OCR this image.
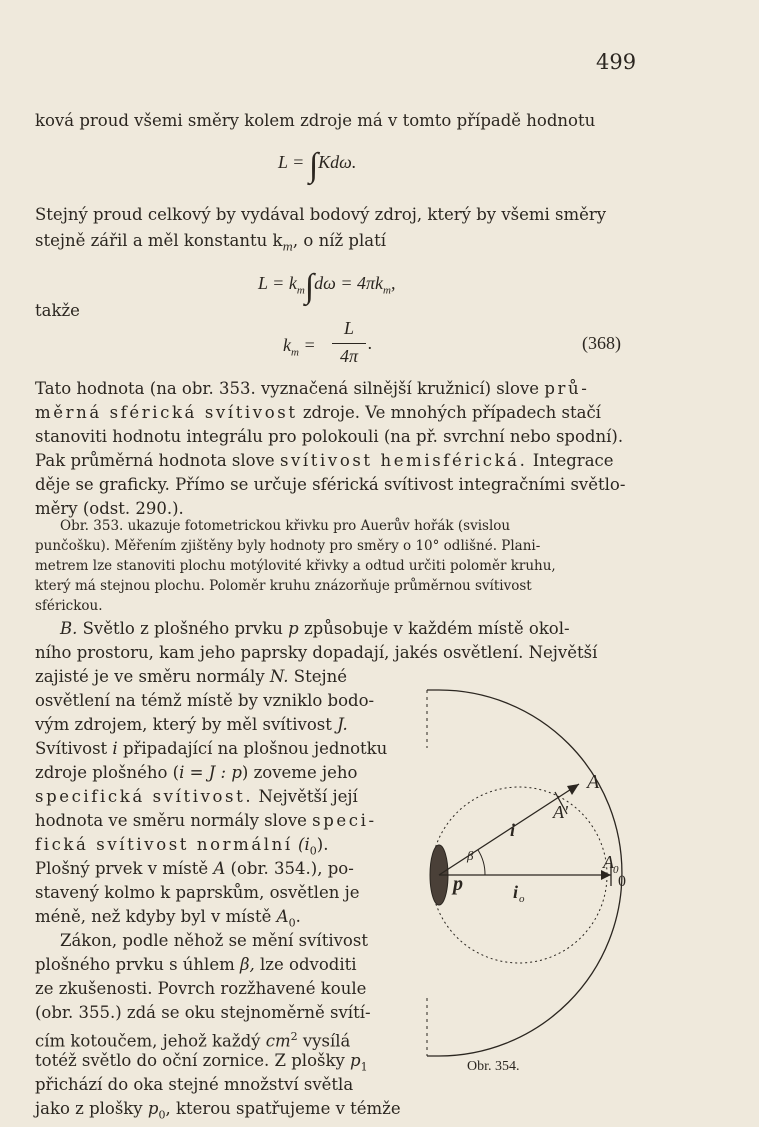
499
ková proud všemi směry kolem zdroje má v tomto případě hodnotu
L = ∫Kdω.
Stejný proud celkový by vydával bodový zdroj, který by všemi směry
stejně zářil a měl konstantu $k_m$, o níž platí
$L = k_m\int d\omega = 4\pi k_m$,
takže
$k_m$ =
L
4π
.	(368)
Tato hodnota (na obr. 353. vyznačená silnější kružnicí) slove prů-
měrná sférická svítivost zdroje. Ve mnohých případech stačí
stanoviti hodnotu integrálu pro polokouli (na př. svrchní nebo spodní).
Pak průměrná hodnota slove svítivost hemisférická. Integrace
děje se graficky. Přímo se určuje sférická svítivost integračními světlo-
měry (odst. 290.).
Obr. 353. ukazuje fotometrickou křivku pro Auerův hořák (svislou
punčošku). Měřením zjištěny byly hodnoty pro směry o 10° odlišné. Plani-
metrem lze stanoviti plochu motýlovité křivky a odtud určiti poloměr kruhu,
který má stejnou plochu. Poloměr kruhu znázorňuje průměrnou svítivost
sférickou.
B. Světlo z plošného prvku p způsobuje v každém místě okol-
ního prostoru, kam jeho paprsky dopadají, jakés osvětlení. Největší
zajisté je ve směru normály N. Stejné
osvětlení na témž místě by vzniklo bodo-
vým zdrojem, který by měl svítivost J.
Svítivost i připadající na plošnou jednotku
zdroje plošného (i = J : p) zoveme jeho
specifická svítivost. Největší její
hodnota ve směru normály slove speci-
fická svítivost normální $(i_0)$.
Plošný prvek v místě A (obr. 354.), po-
stavený kolmo k paprskům, osvětlen je
méně, než kdyby byl v místě $A_0$.
Zákon, podle něhož se mění svítivost
plošného prvku s úhlem β, lze odvoditi
ze zkušenosti. Povrch rozžhavené koule
(obr. 355.) zdá se oku stejnoměrně svítí-
cím kotoučem, jehož každý $cm^2$ vysílá
totéž světlo do oční zornice. Z plošky $p_1$
přichází do oka stejné množství světla
jako z plošky $p_0$, kterou spatřujeme v témže
A
A'
A 0
0
i
i o
β
p
Obr. 354.
